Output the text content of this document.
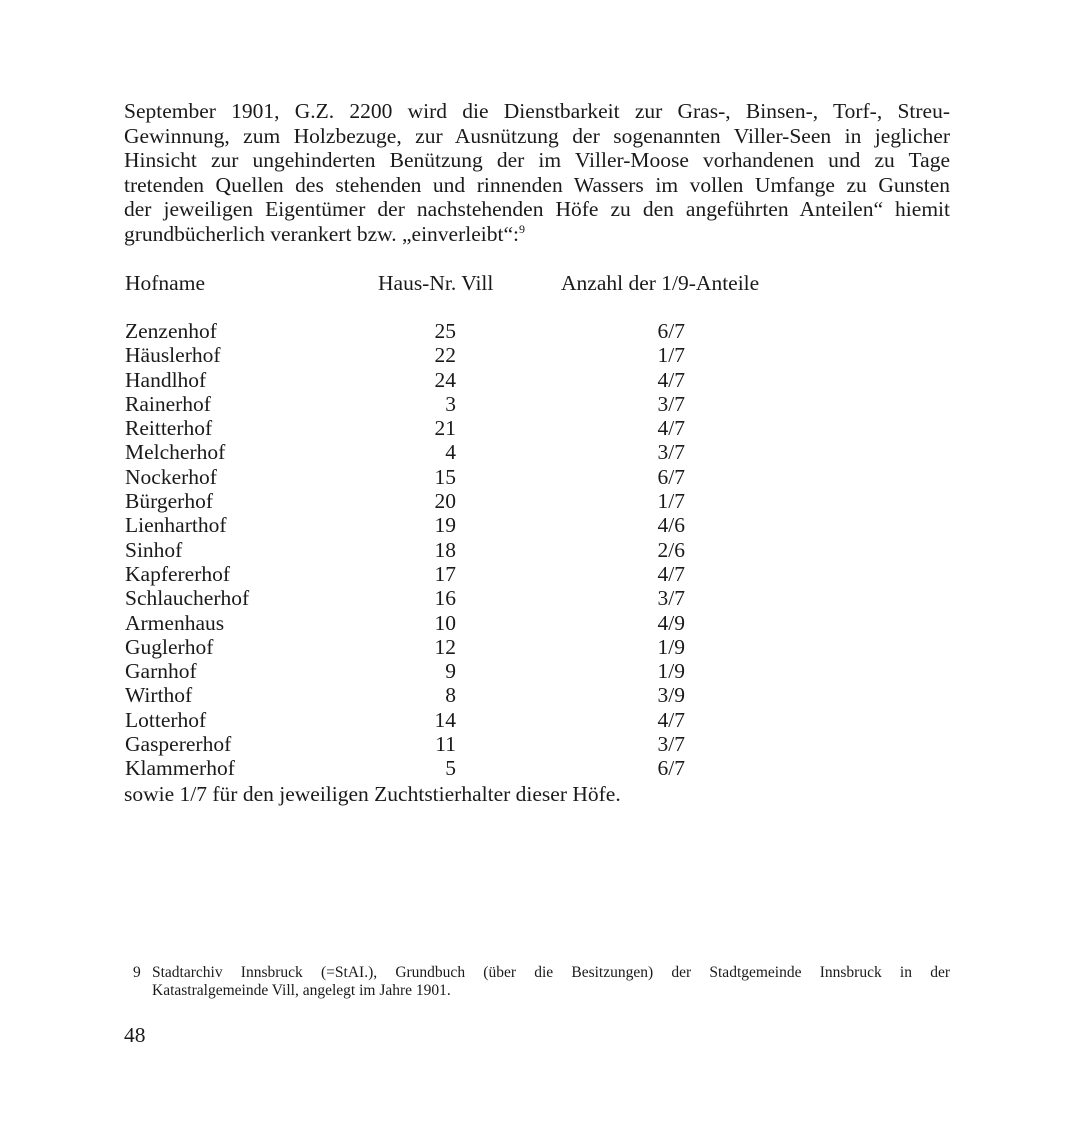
September 1901, G.Z. 2200 wird die Dienstbarkeit zur Gras-, Binsen-, Torf-, Streu-
Gewinnung, zum Holzbezuge, zur Ausnützung der sogenannten Viller-Seen in jeglicher
Hinsicht zur ungehinderten Benützung der im Viller-Moose vorhandenen und zu Tage
tretenden Quellen des stehenden und rinnenden Wassers im vollen Umfange zu Gunsten
der jeweiligen Eigentümer der nachstehenden Höfe zu den angeführten Anteilen“ hiemit
grundbücherlich verankert bzw. „einverleibt“:$^9$
Hofname	Haus-Nr. Vill	Anzahl der 1/9-Anteile
Zenzenhof	25	6/7
Häuslerhof	22	1/7
Handlhof	24	4/7
Rainerhof	3	3/7
Reitterhof	21	4/7
Melcherhof	4	3/7
Nockerhof	15	6/7
Bürgerhof	20	1/7
Lienharthof	19	4/6
Sinhof	18	2/6
Kapfererhof	17	4/7
Schlaucherhof	16	3/7
Armenhaus	10	4/9
Guglerhof	12	1/9
Garnhof	9	1/9
Wirthof	8	3/9
Lotterhof	14	4/7
Gaspererhof	11	3/7
Klammerhof	5	6/7
sowie 1/7 für den jeweiligen Zuchtstierhalter dieser Höfe.
9 Stadtarchiv Innsbruck (=StAI.), Grundbuch (über die Besitzungen) der Stadtgemeinde Innsbruck in der
Katastralgemeinde Vill, angelegt im Jahre 1901.
48
